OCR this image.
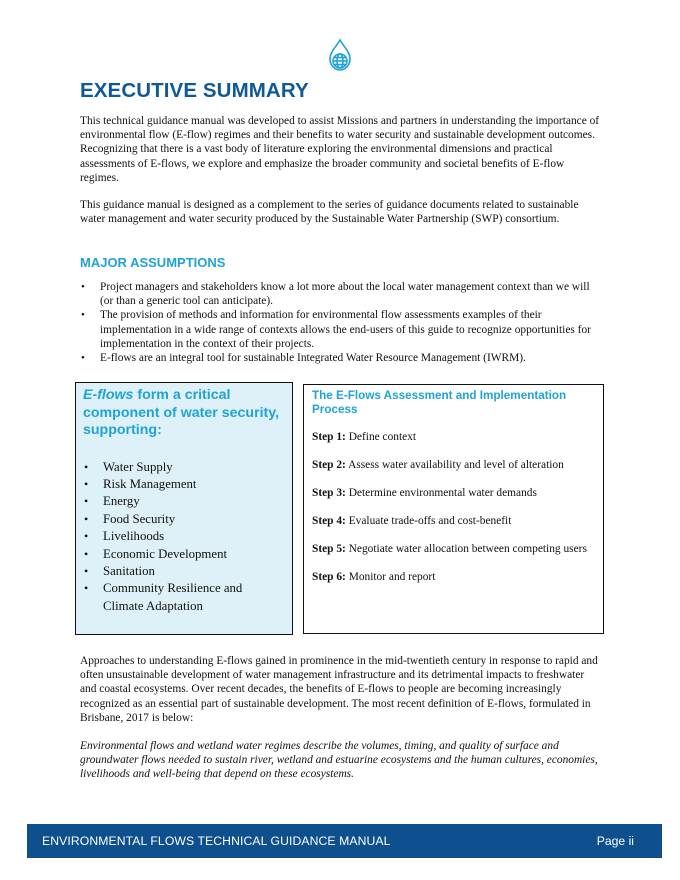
EXECUTIVE SUMMARY

This technical guidance manual was developed to assist Missions and partners in understanding the importance of environmental flow (E-flow) regimes and their benefits to water security and sustainable development outcomes. Recognizing that there is a vast body of literature exploring the environmental dimensions and practical assessments of E-flows, we explore and emphasize the broader community and societal benefits of E-flow regimes.

This guidance manual is designed as a complement to the series of guidance documents related to sustainable water management and water security produced by the Sustainable Water Partnership (SWP) consortium.

MAJOR ASSUMPTIONS
• Project managers and stakeholders know a lot more about the local water management context than we will (or than a generic tool can anticipate).
• The provision of methods and information for environmental flow assessments examples of their implementation in a wide range of contexts allows the end-users of this guide to recognize opportunities for implementation in the context of their projects.
• E-flows are an integral tool for sustainable Integrated Water Resource Management (IWRM).
E-flows form a critical component of water security, supporting:
• Water Supply
• Risk Management
• Energy
• Food Security
• Livelihoods
• Economic Development
• Sanitation
• Community Resilience and Climate Adaptation
The E-Flows Assessment and Implementation Process

Step 1: Define context

Step 2: Assess water availability and level of alteration

Step 3: Determine environmental water demands

Step 4: Evaluate trade-offs and cost-benefit

Step 5: Negotiate water allocation between competing users

Step 6: Monitor and report

Approaches to understanding E-flows gained in prominence in the mid-twentieth century in response to rapid and often unsustainable development of water management infrastructure and its detrimental impacts to freshwater and coastal ecosystems. Over recent decades, the benefits of E-flows to people are becoming increasingly recognized as an essential part of sustainable development. The most recent definition of E-flows, formulated in Brisbane, 2017 is below:

Environmental flows and wetland water regimes describe the volumes, timing, and quality of surface and groundwater flows needed to sustain river, wetland and estuarine ecosystems and the human cultures, economies, livelihoods and well-being that depend on these ecosystems.

ENVIRONMENTAL FLOWS TECHNICAL GUIDANCE MANUAL	Page ii
